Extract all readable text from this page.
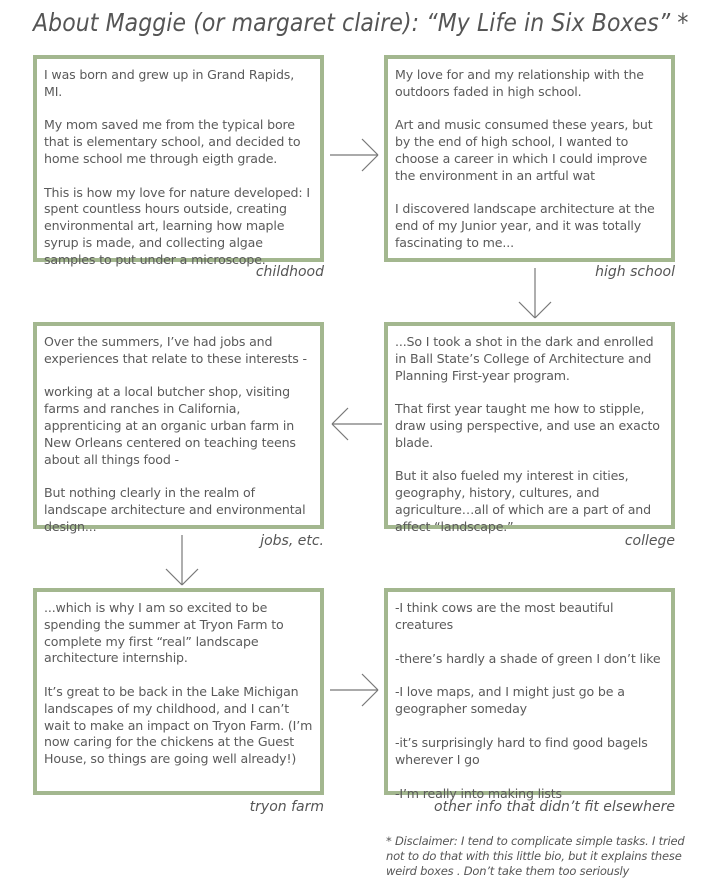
About Maggie (or margaret claire): “My Life in Six Boxes” *

I was born and grew up in Grand Rapids, MI.

My mom saved me from the typical bore that is elementary school, and decided to home school me through eigth grade.

This is how my love for nature developed: I spent countless hours outside, creating environmental art, learning how maple syrup is made, and collecting algae samples to put under a microscope.

childhood

My love for and my relationship with the outdoors faded in high school.

Art and music consumed these years, but by the end of high school, I wanted to choose a career in which I could improve the environment in an artful wat

I discovered landscape architecture at the end of my Junior year, and it was totally fascinating to me...

high school

...So I took a shot in the dark and enrolled in Ball State’s College of Architecture and Planning First-year program.

That first year taught me how to stipple, draw using perspective, and use an exacto blade.

But it also fueled my interest in cities, geography, history, cultures, and agriculture…all of which are a part of and affect “landscape.”

college

Over the summers, I’ve had jobs and experiences that relate to these interests -

working at a local butcher shop, visiting farms and ranches in California, apprenticing at an organic urban farm in New Orleans centered on teaching teens about all things food -

But nothing clearly in the realm of landscape architecture and environmental design...

jobs, etc.

...which is why I am so excited to be spending the summer at Tryon Farm to complete my first “real” landscape architecture internship.

It’s great to be back in the Lake Michigan landscapes of my childhood, and I can’t wait to make an impact on Tryon Farm. (I’m now caring for the chickens at the Guest House, so things are going well already!)

tryon farm

-I think cows are the most beautiful creatures

-there’s hardly a shade of green I don’t like

-I love maps, and I might just go be a geographer someday

-it’s surprisingly hard to find good bagels wherever I go

-I’m really into making lists

other info that didn’t fit elsewhere
* Disclaimer: I tend to complicate simple tasks. I tried not to do that with this little bio, but it explains these weird boxes . Don’t take them too seriously
